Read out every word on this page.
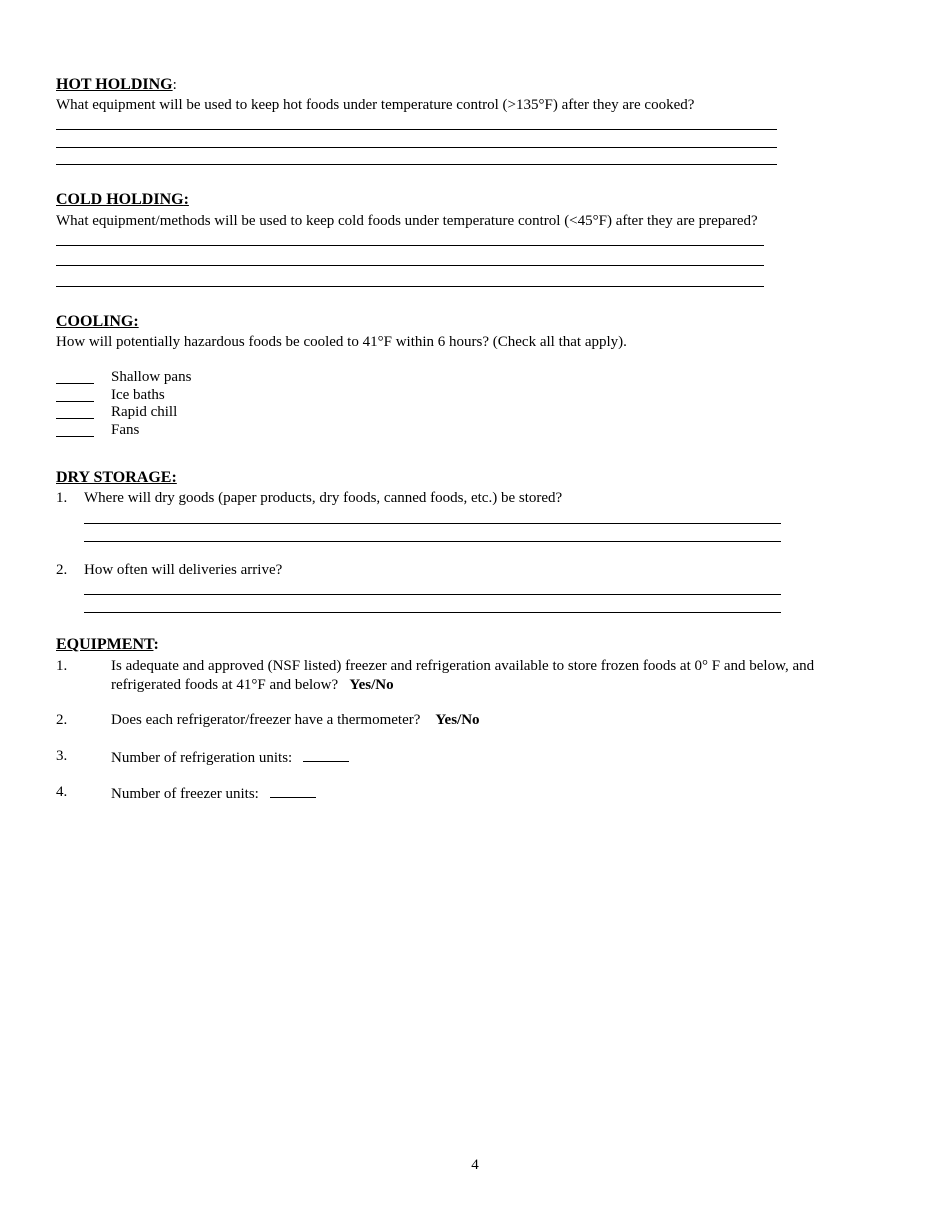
HOT HOLDING:
What equipment will be used to keep hot foods under temperature control (>135°F) after they are cooked?
COLD HOLDING:
What equipment/methods will be used to keep cold foods under temperature control (<45°F) after they are prepared?
COOLING:
How will potentially hazardous foods be cooled to 41°F within 6 hours? (Check all that apply).
Shallow pans
Ice baths
Rapid chill
Fans
DRY STORAGE:
1. Where will dry goods (paper products, dry foods, canned foods, etc.) be stored?
2. How often will deliveries arrive?
EQUIPMENT:
1.	Is adequate and approved (NSF listed) freezer and refrigeration available to store frozen foods at 0° F and below, and
refrigerated foods at 41°F and below? Yes/No
2.	Does each refrigerator/freezer have a thermometer? Yes/No
3.	Number of refrigeration units:
4.	Number of freezer units:
4
